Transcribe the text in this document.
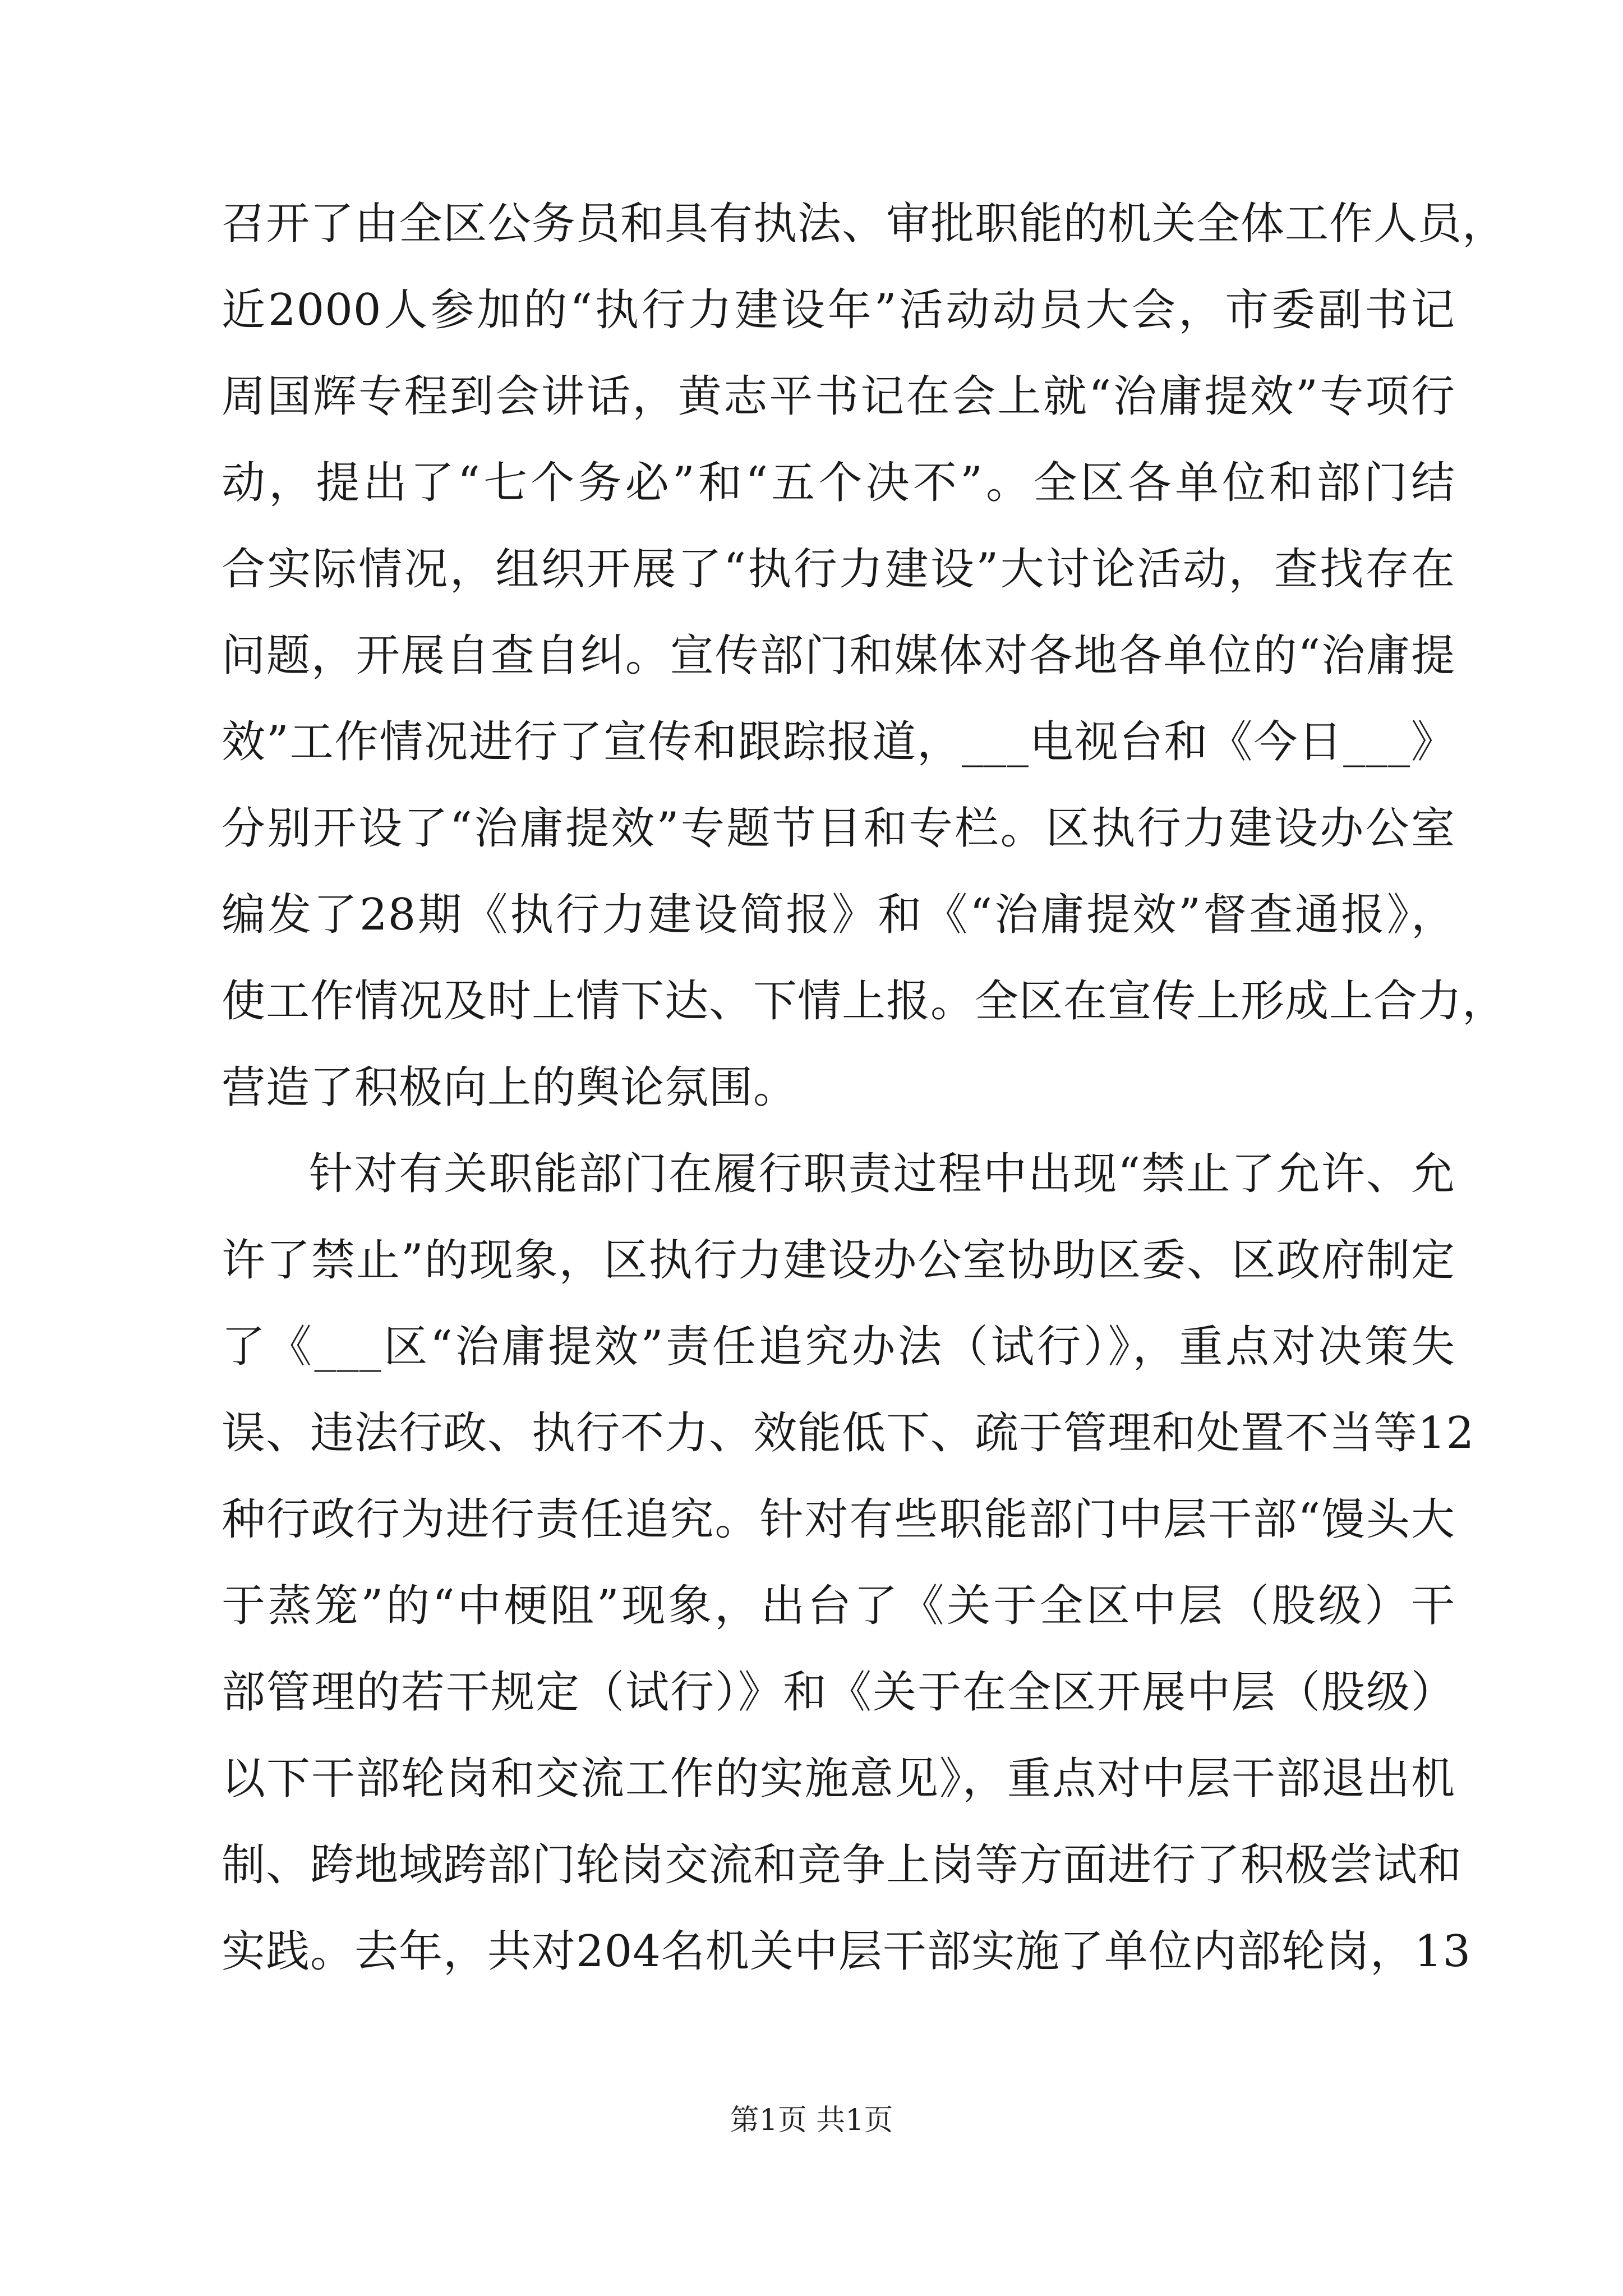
召开了由全区公务员和具有执法、审批职能的机关全体工作人员，
近2000人参加的“执行力建设年”活动动员大会，市委副书记
周国辉专程到会讲话，黄志平书记在会上就“治庸提效”专项行
动，提出了“七个务必”和“五个决不”。全区各单位和部门结
合实际情况，组织开展了“执行力建设”大讨论活动，查找存在
问题，开展自查自纠。宣传部门和媒体对各地各单位的“治庸提
效”工作情况进行了宣传和跟踪报道，___电视台和《今日___》
分别开设了“治庸提效”专题节目和专栏。区执行力建设办公室
编发了28期《执行力建设简报》和《“治庸提效”督查通报》，
使工作情况及时上情下达、下情上报。全区在宣传上形成上合力，
营造了积极向上的舆论氛围。
针对有关职能部门在履行职责过程中出现“禁止了允许、允
许了禁止”的现象，区执行力建设办公室协助区委、区政府制定
了《___区“治庸提效”责任追究办法（试行）》，重点对决策失
误、违法行政、执行不力、效能低下、疏于管理和处置不当等12
种行政行为进行责任追究。针对有些职能部门中层干部“馒头大
于蒸笼”的“中梗阻”现象，出台了《关于全区中层（股级）干
部管理的若干规定（试行）》和《关于在全区开展中层（股级）
以下干部轮岗和交流工作的实施意见》，重点对中层干部退出机
制、跨地域跨部门轮岗交流和竞争上岗等方面进行了积极尝试和
实践。去年，共对204名机关中层干部实施了单位内部轮岗，13
第1页 共1页
